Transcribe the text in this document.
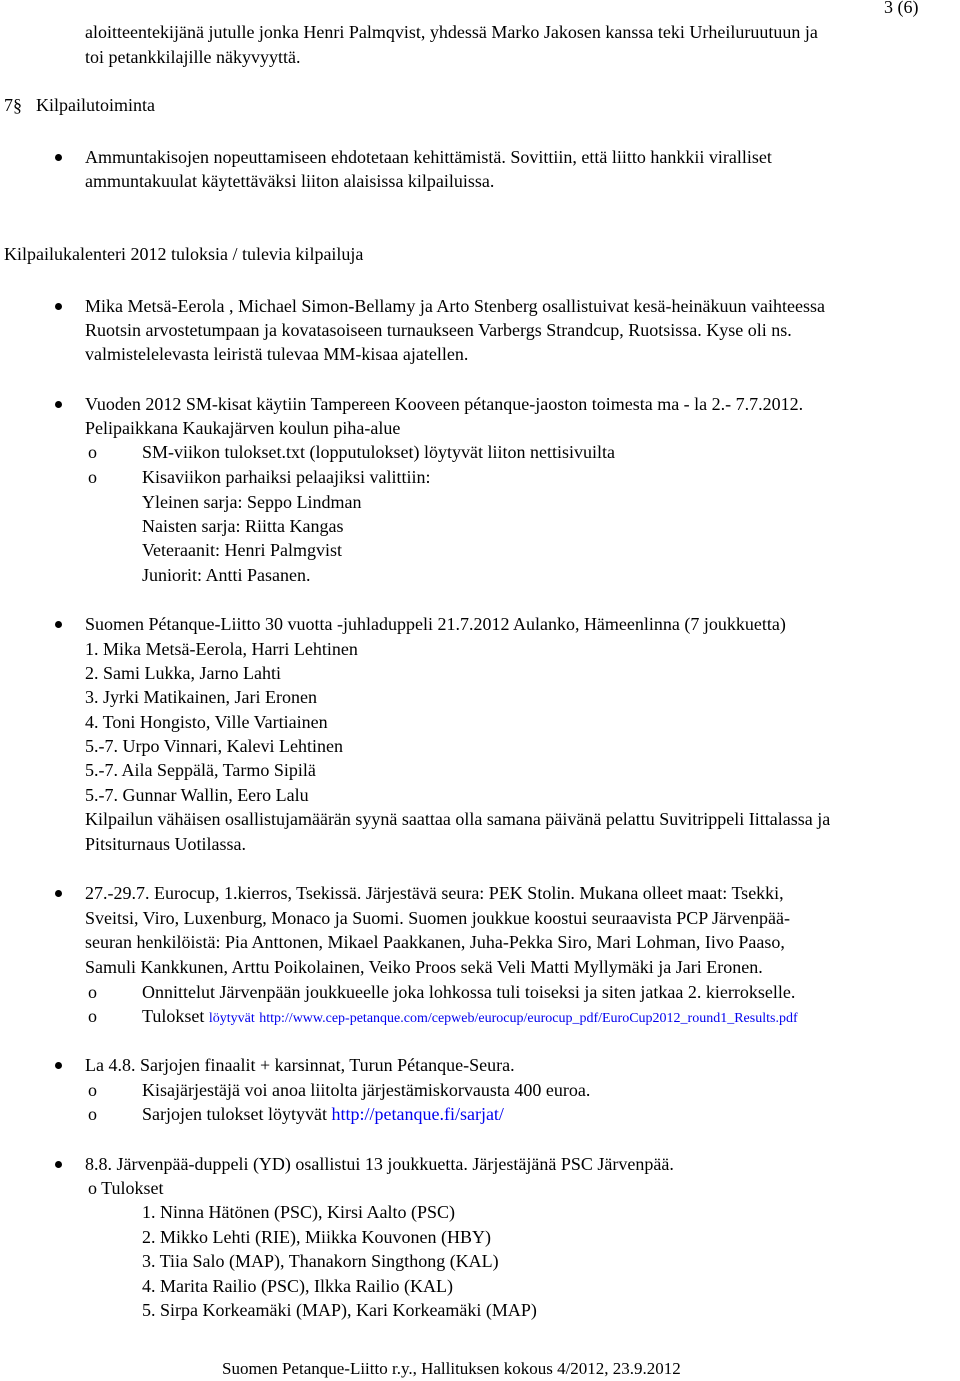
3 (6)
aloitteentekijänä jutulle jonka Henri Palmqvist, yhdessä Marko Jakosen kanssa teki Urheiluruutuun ja
toi petankkilajille näkyvyyttä.
7§ Kilpailutoiminta
Ammuntakisojen nopeuttamiseen ehdotetaan kehittämistä. Sovittiin, että liitto hankkii viralliset
ammuntakuulat käytettäväksi liiton alaisissa kilpailuissa.
Kilpailukalenteri 2012 tuloksia / tulevia kilpailuja
Mika Metsä-Eerola , Michael Simon-Bellamy ja Arto Stenberg osallistuivat kesä-heinäkuun vaihteessa
Ruotsin arvostetumpaan ja kovatasoiseen turnaukseen Varbergs Strandcup, Ruotsissa. Kyse oli ns.
valmistelelevasta leiristä tulevaa MM-kisaa ajatellen.
Vuoden 2012 SM-kisat käytiin Tampereen Kooveen pétanque-jaoston toimesta ma - la 2.- 7.7.2012.
Pelipaikkana Kaukajärven koulun piha-alue
o	SM-viikon tulokset.txt (lopputulokset) löytyvät liiton nettisivuilta
o	Kisaviikon parhaiksi pelaajiksi valittiin:
Yleinen sarja: Seppo Lindman
Naisten sarja: Riitta Kangas
Veteraanit: Henri Palmgvist
Juniorit: Antti Pasanen.
Suomen Pétanque-Liitto 30 vuotta -juhladuppeli 21.7.2012 Aulanko, Hämeenlinna (7 joukkuetta)
1. Mika Metsä-Eerola, Harri Lehtinen
2. Sami Lukka, Jarno Lahti
3. Jyrki Matikainen, Jari Eronen
4. Toni Hongisto, Ville Vartiainen
5.-7. Urpo Vinnari, Kalevi Lehtinen
5.-7. Aila Seppälä, Tarmo Sipilä
5.-7. Gunnar Wallin, Eero Lalu
Kilpailun vähäisen osallistujamäärän syynä saattaa olla samana päivänä pelattu Suvitrippeli Iittalassa ja
Pitsiturnaus Uotilassa.
27.-29.7. Eurocup, 1.kierros, Tsekissä. Järjestävä seura: PEK Stolin. Mukana olleet maat: Tsekki,
Sveitsi, Viro, Luxenburg, Monaco ja Suomi. Suomen joukkue koostui seuraavista PCP Järvenpää-
seuran henkilöistä: Pia Anttonen, Mikael Paakkanen, Juha-Pekka Siro, Mari Lohman, Iivo Paaso,
Samuli Kankkunen, Arttu Poikolainen, Veiko Proos sekä Veli Matti Myllymäki ja Jari Eronen.
o	Onnittelut Järvenpään joukkueelle joka lohkossa tuli toiseksi ja siten jatkaa 2. kierrokselle.
o	Tulokset löytyvät http://www.cep-petanque.com/cepweb/eurocup/eurocup_pdf/EuroCup2012_round1_Results.pdf
La 4.8. Sarjojen finaalit + karsinnat, Turun Pétanque-Seura.
o	Kisajärjestäjä voi anoa liitolta järjestämiskorvausta 400 euroa.
o	Sarjojen tulokset löytyvät http://petanque.fi/sarjat/
8.8. Järvenpää-duppeli (YD) osallistui 13 joukkuetta. Järjestäjänä PSC Järvenpää.
o Tulokset
1. Ninna Hätönen (PSC), Kirsi Aalto (PSC)
2. Mikko Lehti (RIE), Miikka Kouvonen (HBY)
3. Tiia Salo (MAP), Thanakorn Singthong (KAL)
4. Marita Railio (PSC), Ilkka Railio (KAL)
5. Sirpa Korkeamäki (MAP), Kari Korkeamäki (MAP)
Suomen Petanque-Liitto r.y., Hallituksen kokous 4/2012, 23.9.2012
